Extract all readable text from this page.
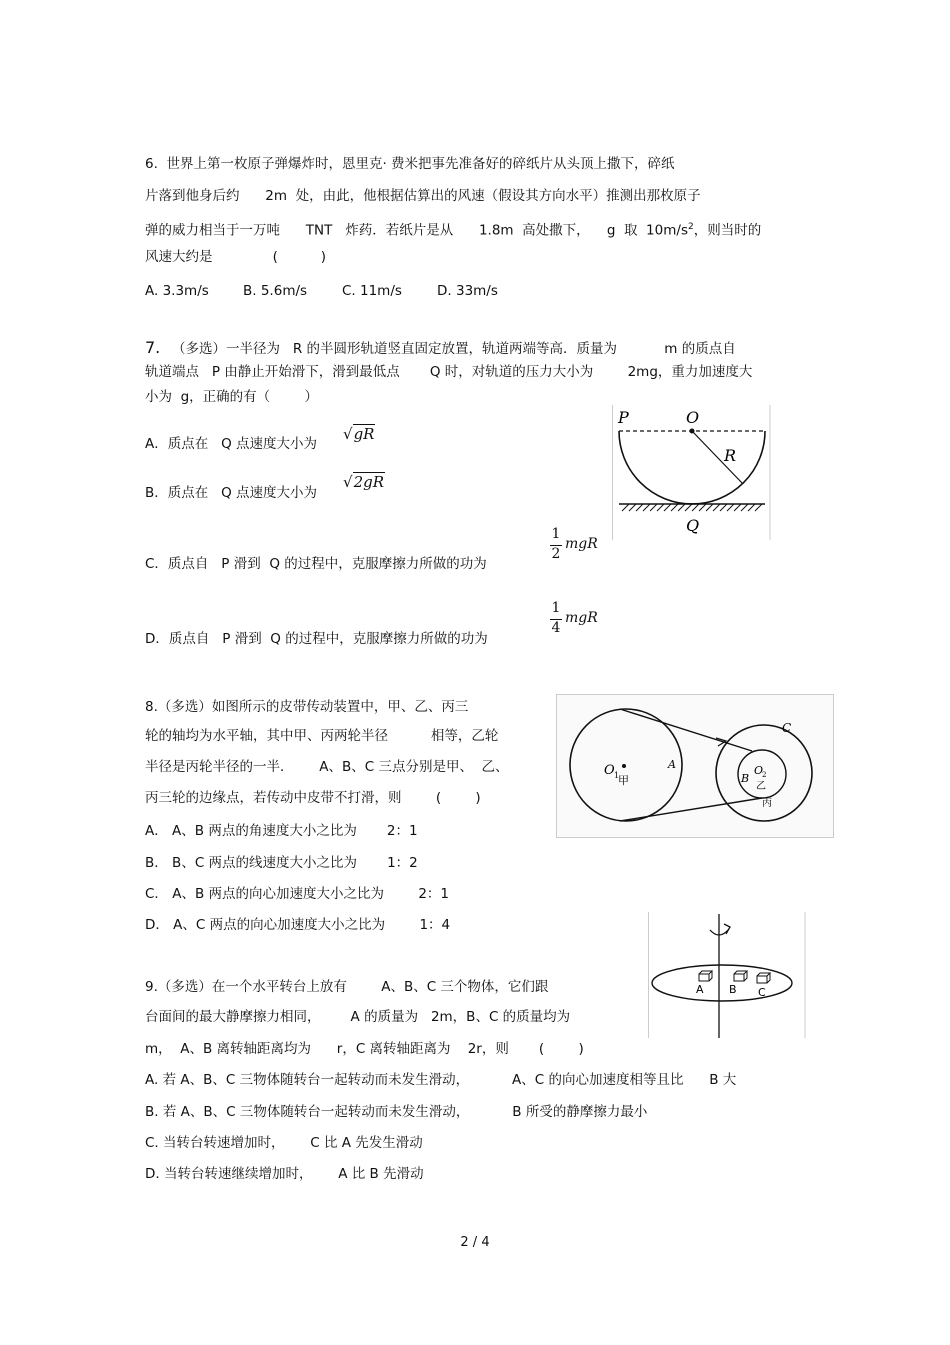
6.  世界上第一枚原子弹爆炸时，恩里克· 费米把事先准备好的碎纸片从头顶上撒下，碎纸
片落到他身后约      2m  处，由此，他根据估算出的风速（假设其方向水平）推测出那枚原子
弹的威力相当于一万吨      TNT   炸药．若纸片是从      1.8m  高处撒下，    g  取  $10m/s^2$，则当时的
风速大约是              (          )
A. 3.3m/s	B. 5.6m/s	C. 11m/s	D. 33m/s
7. （多选）一半径为   R 的半圆形轨道竖直固定放置，轨道两端等高．质量为           m 的质点自
轨道端点   P 由静止开始滑下，滑到最低点       Q 时，对轨道的压力大小为        2mg，重力加速度大
小为  g，正确的有（        ）
A．质点在   Q 点速度大小为
√gR
B．质点在   Q 点速度大小为
√2gR
C．质点自   P 滑到  Q 的过程中，克服摩擦力所做的功为
1
2
mgR
D．质点自   P 滑到  Q 的过程中，克服摩擦力所做的功为
1
4
mgR
P	O
R
Q
8.（多选）如图所示的皮带传动装置中，甲、乙、丙三
轮的轴均为水平轴，其中甲、丙两轮半径          相等，乙轮
半径是丙轮半径的一半．      A、B、C 三点分别是甲、  乙、
丙三轮的边缘点，若传动中皮带不打滑，则        (        )
A． A、B 两点的角速度大小之比为       2：1
B． B、C 两点的线速度大小之比为       1：2
C． A、B 两点的向心加速度大小之比为        2：1
D． A、C 两点的向心加速度大小之比为        1：4
O 1
甲
A
B
C
O
2
乙
丙
A B C
9.（多选）在一个水平转台上放有        A、B、C 三个物体，它们跟
台面间的最大静摩擦力相同，       A 的质量为   2m，B、C 的质量均为
m，  A、B 离转轴距离均为      r，C 离转轴距离为    2r，则       (        )
A. 若 A、B、C 三物体随转台一起转动而未发生滑动，          A、C 的向心加速度相等且比      B 大
B. 若 A、B、C 三物体随转台一起转动而未发生滑动，          B 所受的静摩擦力最小
C. 当转台转速增加时，      C 比 A 先发生滑动
D. 当转台转速继续增加时，      A 比 B 先滑动
2 / 4
